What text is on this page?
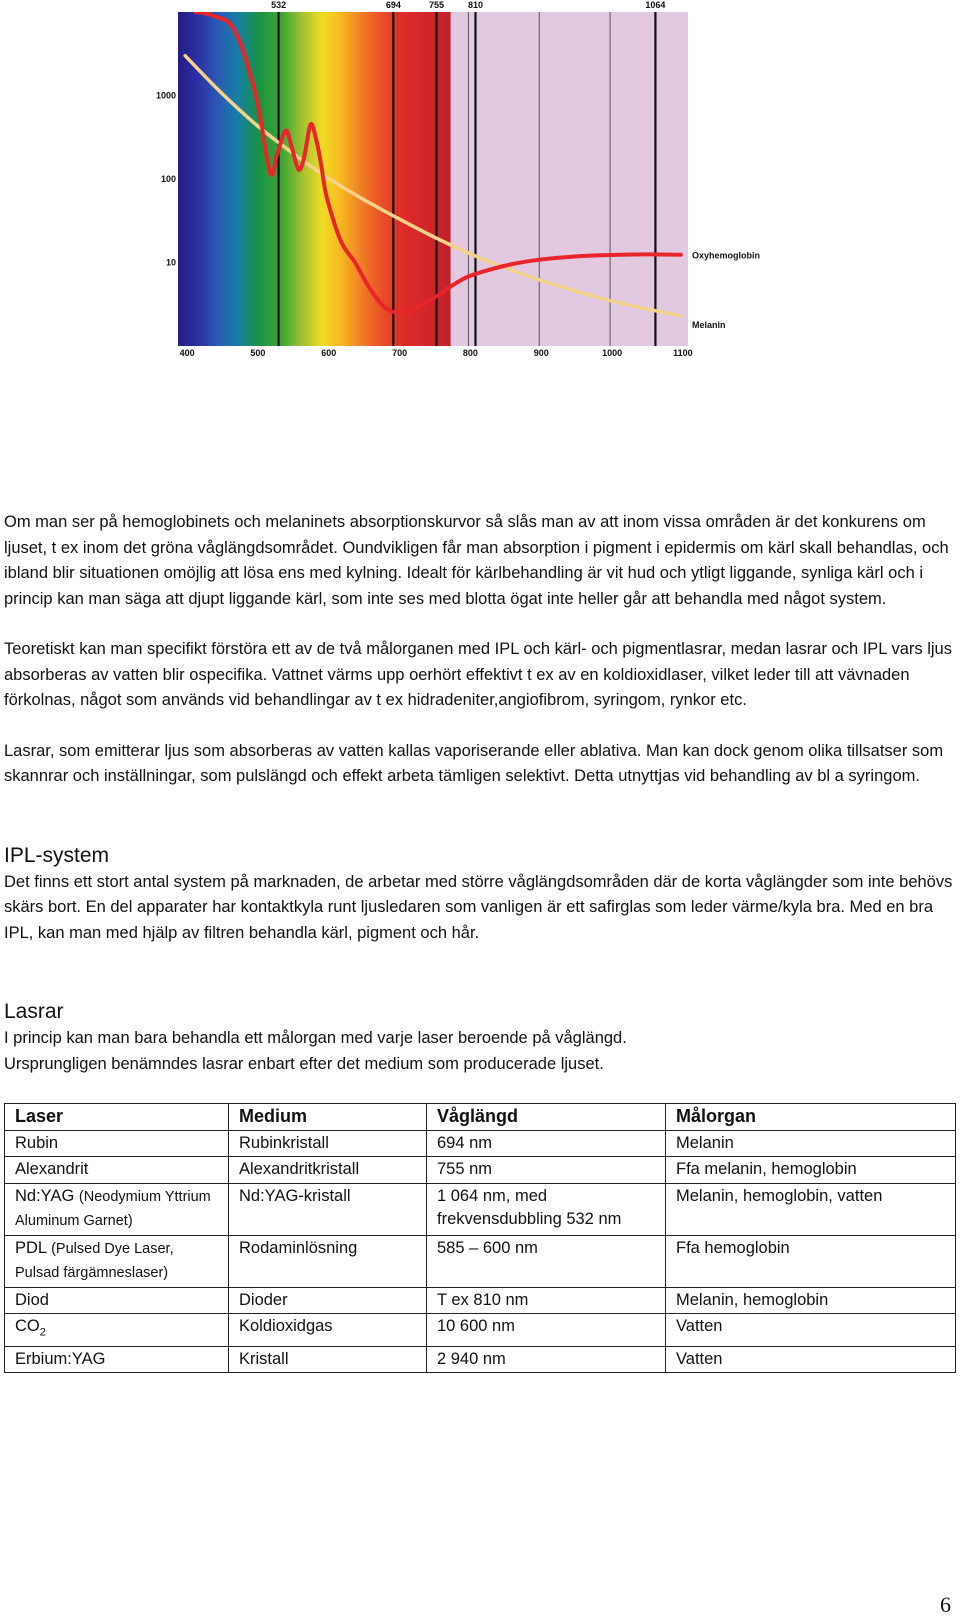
400	500	600	700	800	900	1000	1100
10
100
1000
532	694	755	810	1064
Oxyhemoglobin
Melanin

Om man ser på hemoglobinets och melaninets absorptionskurvor så slås man av att inom vissa områden är det konkurens om ljuset, t ex inom det gröna våglängdsområdet. Oundvikligen får man absorption i pigment i epidermis om kärl skall behandlas, och ibland blir situationen omöjlig att lösa ens med kylning. Idealt för kärlbehandling är vit hud och ytligt liggande, synliga kärl och i princip kan man säga att djupt liggande kärl, som inte ses med blotta ögat inte heller går att behandla med något system.

Teoretiskt kan man specifikt förstöra ett av de två målorganen med IPL och kärl- och pigmentlasrar, medan lasrar och IPL vars ljus absorberas av vatten blir ospecifika. Vattnet värms upp oerhört effektivt t ex av en koldioxidlaser, vilket leder till att vävnaden förkolnas, något som används vid behandlingar av t ex hidradeniter,angiofibrom, syringom, rynkor etc.

Lasrar, som emitterar ljus som absorberas av vatten kallas vaporiserande eller ablativa. Man kan dock genom olika tillsatser som skannrar och inställningar, som pulslängd och effekt arbeta tämligen selektivt. Detta utnyttjas vid behandling av bl a syringom.

IPL-system

Det finns ett stort antal system på marknaden, de arbetar med större våglängdsområden där de korta våglängder som inte behövs skärs bort. En del apparater har kontaktkyla runt ljusledaren som vanligen är ett safirglas som leder värme/kyla bra. Med en bra IPL, kan man med hjälp av filtren behandla kärl, pigment och hår.

Lasrar

I princip kan man bara behandla ett målorgan med varje laser beroende på våglängd.

Ursprungligen benämndes lasrar enbart efter det medium som producerade ljuset.

Laser	Medium	Våglängd	Målorgan
Rubin	Rubinkristall	694 nm	Melanin
Alexandrit	Alexandritkristall	755 nm	Ffa melanin, hemoglobin
Nd:YAG (Neodymium Yttrium Aluminum Garnet)	Nd:YAG-kristall	1 064 nm, med frekvensdubbling 532 nm	Melanin, hemoglobin, vatten
PDL (Pulsed Dye Laser, Pulsad färgämneslaser)	Rodaminlösning	585 – 600 nm	Ffa hemoglobin
Diod	Dioder	T ex 810 nm	Melanin, hemoglobin
$CO_2$	Koldioxidgas	10 600 nm	Vatten
Erbium:YAG	Kristall	2 940 nm	Vatten
6
